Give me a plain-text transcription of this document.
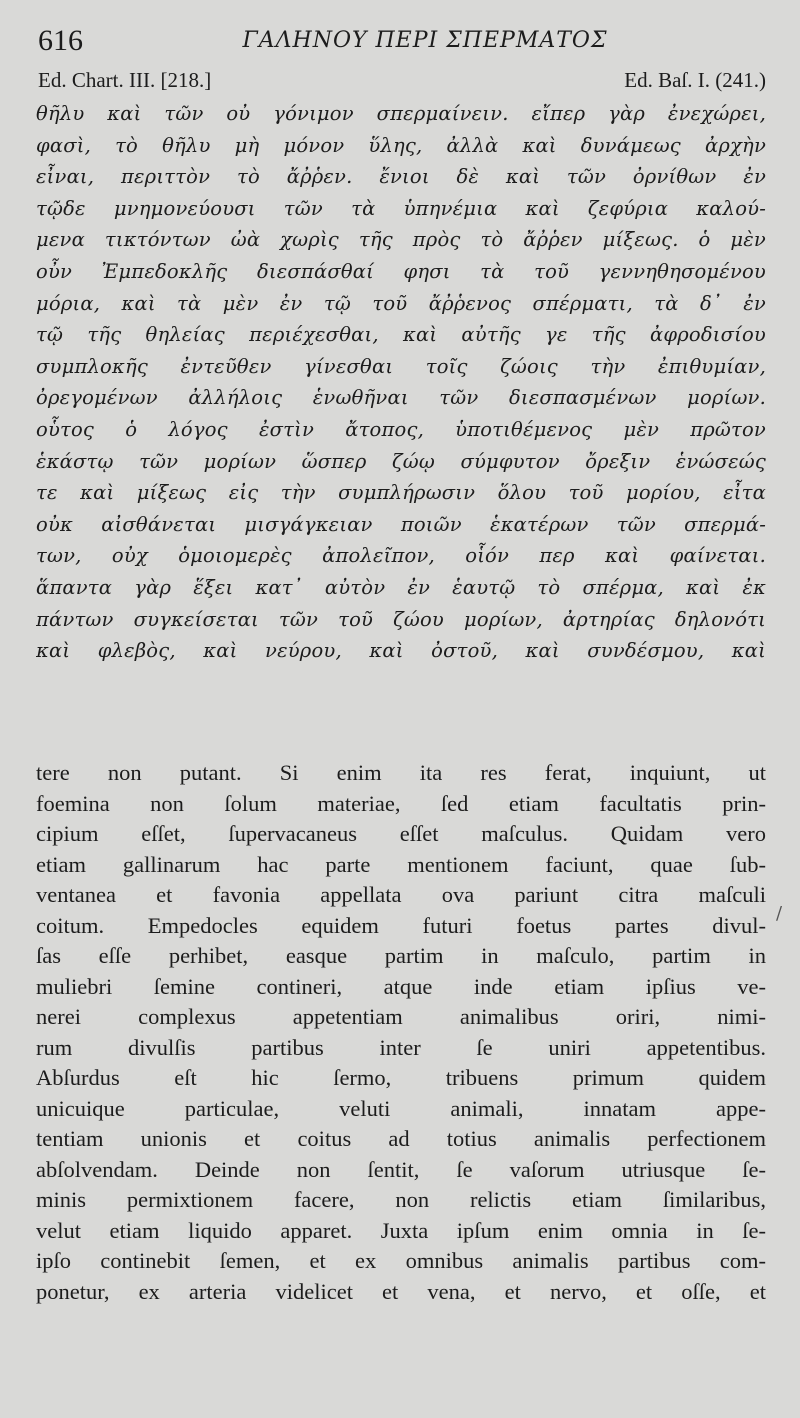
616	ΓΑΛΗΝΟΥ ΠΕΡΙ ΣΠΕΡΜΑΤΟΣ
Ed. Chart. III. [218.]	Ed. Baſ. I. (241.)
θῆλυ καὶ τῶν οὐ γόνιμον σπερμαίνειν. εἴπερ γὰρ ἐνεχώρει,
φασὶ, τὸ θῆλυ μὴ μόνον ὕλης, ἀλλὰ καὶ δυνάμεως ἀρχὴν
εἶναι, περιττὸν τὸ ἄῤῥεν. ἔνιοι δὲ καὶ τῶν ὀρνίθων ἐν
τῷδε μνημονεύουσι τῶν τὰ ὑπηνέμια καὶ ζεφύρια καλού-
μενα τικτόντων ὠὰ χωρὶς τῆς πρὸς τὸ ἄῤῥεν μίξεως. ὁ μὲν
οὖν Ἐμπεδοκλῆς διεσπάσθαί φησι τὰ τοῦ γεννηθησομένου
μόρια, καὶ τὰ μὲν ἐν τῷ τοῦ ἄῤῥενος σπέρματι, τὰ δ᾽ ἐν
τῷ τῆς θηλείας περιέχεσθαι, καὶ αὐτῆς γε τῆς ἀφροδισίου
συμπλοκῆς ἐντεῦθεν γίνεσθαι τοῖς ζώοις τὴν ἐπιθυμίαν,
ὀρεγομένων ἀλλήλοις ἑνωθῆναι τῶν διεσπασμένων μορίων.
οὗτος ὁ λόγος ἐστὶν ἄτοπος, ὑποτιθέμενος μὲν πρῶτον
ἑκάστῳ τῶν μορίων ὥσπερ ζώῳ σύμφυτον ὄρεξιν ἑνώσεώς
τε καὶ μίξεως εἰς τὴν συμπλήρωσιν ὅλου τοῦ μορίου, εἶτα
οὐκ αἰσθάνεται μισγάγκειαν ποιῶν ἑκατέρων τῶν σπερμά-
των, οὐχ ὁμοιομερὲς ἀπολεῖπον, οἷόν περ καὶ φαίνεται.
ἅπαντα γὰρ ἕξει κατ᾽ αὐτὸν ἐν ἑαυτῷ τὸ σπέρμα, καὶ ἐκ
πάντων συγκείσεται τῶν τοῦ ζώου μορίων, ἀρτηρίας δηλονότι
καὶ φλεβὸς, καὶ νεύρου, καὶ ὀστοῦ, καὶ συνδέσμου, καὶ
tere non putant. Si enim ita res ferat, inquiunt, ut
foemina non ſolum materiae, ſed etiam facultatis prin-
cipium eſſet, ſupervacaneus eſſet maſculus. Quidam vero
etiam gallinarum hac parte mentionem faciunt, quae ſub-
ventanea et favonia appellata ova pariunt citra maſculi
coitum. Empedocles equidem futuri foetus partes divul-
ſas eſſe perhibet, easque partim in maſculo, partim in
muliebri ſemine contineri, atque inde etiam ipſius ve-
nerei complexus appetentiam animalibus oriri, nimi-
rum divulſis partibus inter ſe uniri appetentibus.
Abſurdus eſt hic ſermo, tribuens primum quidem
unicuique particulae, veluti animali, innatam appe-
tentiam unionis et coitus ad totius animalis perfectionem
abſolvendam. Deinde non ſentit, ſe vaſorum utriusque ſe-
minis permixtionem facere, non relictis etiam ſimilaribus,
velut etiam liquido apparet. Juxta ipſum enim omnia in ſe-
ipſo continebit ſemen, et ex omnibus animalis partibus com-
ponetur, ex arteria videlicet et vena, et nervo, et oſſe, et
/
